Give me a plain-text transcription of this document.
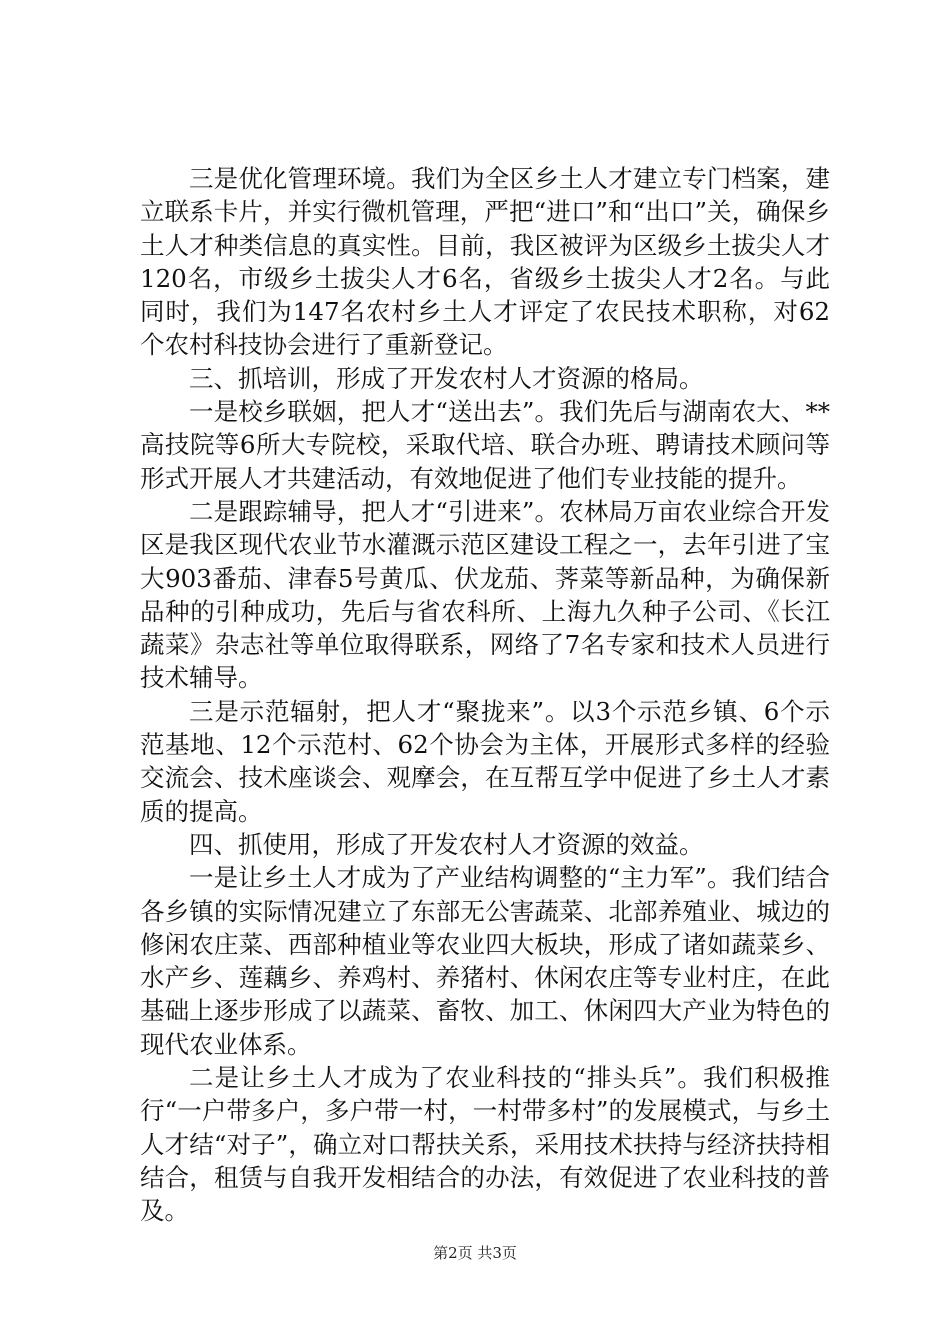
三是优化管理环境。我们为全区乡土人才建立专门档案，建立联系卡片，并实行微机管理，严把“进口”和“出口”关，确保乡土人才种类信息的真实性。目前，我区被评为区级乡土拔尖人才120名，市级乡土拔尖人才6名，省级乡土拔尖人才2名。与此同时，我们为147名农村乡土人才评定了农民技术职称，对62个农村科技协会进行了重新登记。

三、抓培训，形成了开发农村人才资源的格局。

一是校乡联姻，把人才“送出去”。我们先后与湖南农大、**高技院等6所大专院校，采取代培、联合办班、聘请技术顾问等形式开展人才共建活动，有效地促进了他们专业技能的提升。

二是跟踪辅导，把人才“引进来”。农林局万亩农业综合开发区是我区现代农业节水灌溉示范区建设工程之一，去年引进了宝大903番茄、津春5号黄瓜、伏龙茄、荠菜等新品种，为确保新品种的引种成功，先后与省农科所、上海九久种子公司、《长江蔬菜》杂志社等单位取得联系，网络了7名专家和技术人员进行技术辅导。

三是示范辐射，把人才“聚拢来”。以3个示范乡镇、6个示范基地、12个示范村、62个协会为主体，开展形式多样的经验交流会、技术座谈会、观摩会，在互帮互学中促进了乡土人才素质的提高。

四、抓使用，形成了开发农村人才资源的效益。

一是让乡土人才成为了产业结构调整的“主力军”。我们结合各乡镇的实际情况建立了东部无公害蔬菜、北部养殖业、城边的修闲农庄菜、西部种植业等农业四大板块，形成了诸如蔬菜乡、水产乡、莲藕乡、养鸡村、养猪村、休闲农庄等专业村庄，在此基础上逐步形成了以蔬菜、畜牧、加工、休闲四大产业为特色的现代农业体系。

二是让乡土人才成为了农业科技的“排头兵”。我们积极推行“一户带多户，多户带一村，一村带多村”的发展模式，与乡土人才结“对子”，确立对口帮扶关系，采用技术扶持与经济扶持相结合，租赁与自我开发相结合的办法，有效促进了农业科技的普及。

第2页 共3页
